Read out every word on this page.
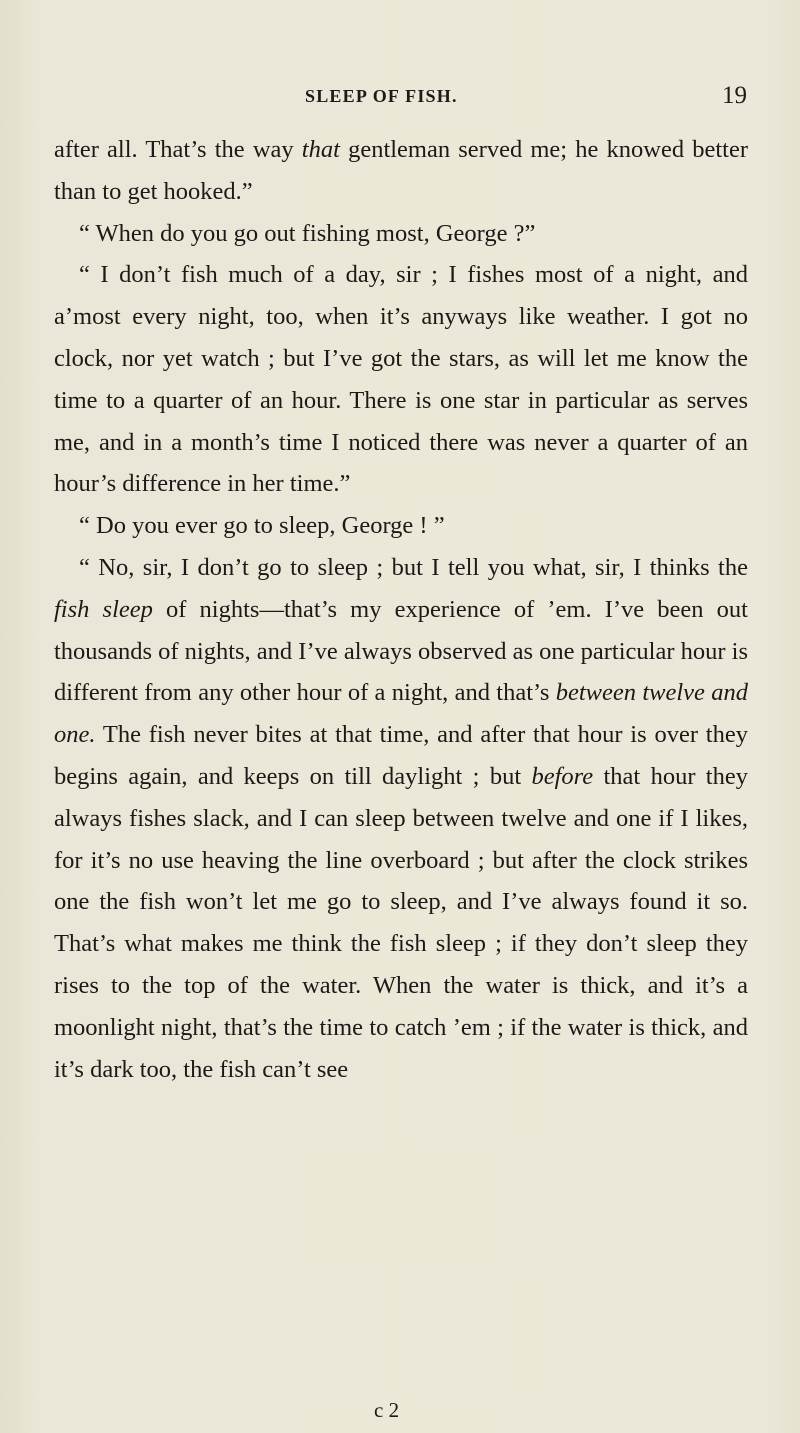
SLEEP OF FISH.	19

after all. That’s the way that gentleman served me; he knowed better than to get hooked.”

“ When do you go out fishing most, George ?”

“ I don’t fish much of a day, sir ; I fishes most of a night, and a’most every night, too, when it’s anyways like weather. I got no clock, nor yet watch ; but I’ve got the stars, as will let me know the time to a quarter of an hour. There is one star in particular as serves me, and in a month’s time I noticed there was never a quarter of an hour’s difference in her time.”

“ Do you ever go to sleep, George ! ”

“ No, sir, I don’t go to sleep ; but I tell you what, sir, I thinks the fish sleep of nights—that’s my experience of ’em. I’ve been out thousands of nights, and I’ve always observed as one particular hour is different from any other hour of a night, and that’s between twelve and one. The fish never bites at that time, and after that hour is over they begins again, and keeps on till daylight ; but before that hour they always fishes slack, and I can sleep between twelve and one if I likes, for it’s no use heaving the line overboard ; but after the clock strikes one the fish won’t let me go to sleep, and I’ve always found it so. That’s what makes me think the fish sleep ; if they don’t sleep they rises to the top of the water. When the water is thick, and it’s a moonlight night, that’s the time to catch ’em ; if the water is thick, and it’s dark too, the fish can’t see

c 2
